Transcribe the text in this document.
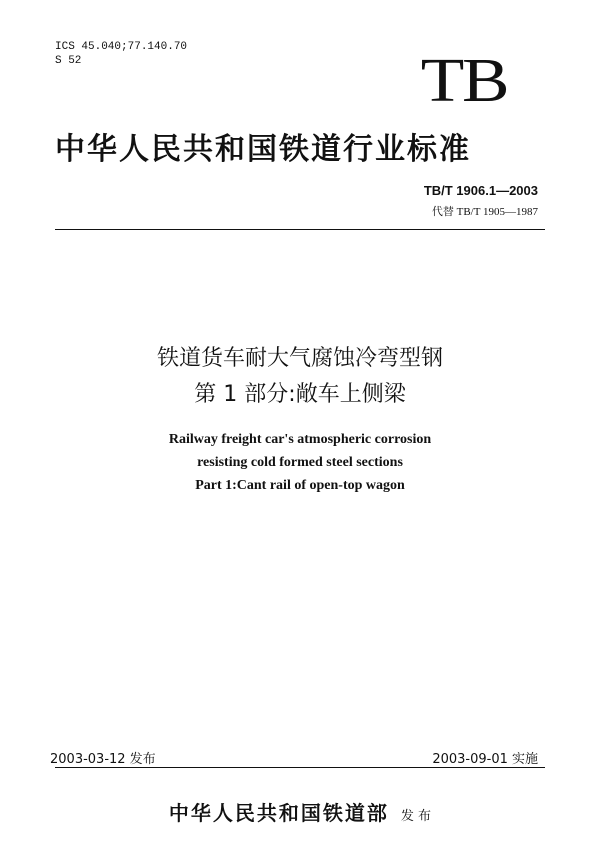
ICS 45.040;77.140.70
S 52	TB
中华人民共和国铁道行业标准
TB/T 1906.1—2003
代替 TB/T 1905—1987
铁道货车耐大气腐蚀冷弯型钢
第 1 部分:敞车上侧梁
Railway freight car's atmospheric corrosion
resisting cold formed steel sections
Part 1:Cant rail of open-top wagon
2003-03-12 发布	2003-09-01 实施
中华人民共和国铁道部 发 布
